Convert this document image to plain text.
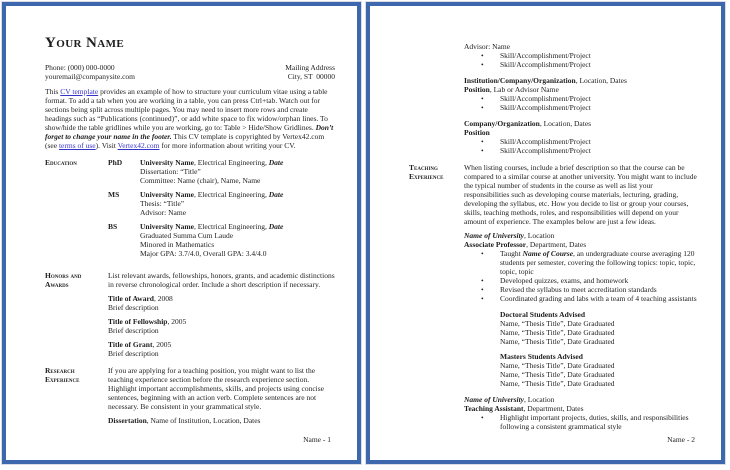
Your Name
Phone: (000) 000-0000
youremail@companysite.com
Mailing Address
City, ST  00000

This CV template provides an example of how to structure your curriculum vitae using a table format. To add a tab when you are working in a table, you can press Ctrl+tab. Watch out for sections being split across multiple pages. You may need to insert more rows and create headings such as “Publications (continued)”, or add white space to fix widow/orphan lines. To show/hide the table gridlines while you are working, go to: Table > Hide/Show Gridlines. Don’t forget to change your name in the footer. This CV template is copyrighted by Vertex42.com (see terms of use). Visit Vertex42.com for more information about writing your CV.

Education	PhD	University Name, Electrical Engineering, Date
Dissertation: “Title”
Committee: Name (chair), Name, Name
MS	University Name, Electrical Engineering, Date
Thesis: “Title”
Advisor: Name
BS	University Name, Electrical Engineering, Date
Graduated Summa Cum Laude
Minored in Mathematics
Major GPA: 3.7/4.0, Overall GPA: 3.4/4.0
Honors and Awards

List relevant awards, fellowships, honors, grants, and academic distinctions in reverse chronological order. Include a short description if necessary.

Title of Award, 2008
Brief description
Title of Fellowship, 2005
Brief description
Title of Grant, 2005
Brief description
Research Experience

If you are applying for a teaching position, you might want to list the teaching experience section before the research experience section. Highlight important accomplishments, skills, and projects using concise sentences, beginning with an action verb. Complete sentences are not necessary. Be consistent in your grammatical style.

Dissertation, Name of Institution, Location, Dates
Name - 1
Advisor: Name
•	Skill/Accomplishment/Project
•	Skill/Accomplishment/Project
Institution/Company/Organization, Location, Dates
Position, Lab or Advisor Name
•	Skill/Accomplishment/Project
•	Skill/Accomplishment/Project
Company/Organization, Location, Dates
Position
•	Skill/Accomplishment/Project
•	Skill/Accomplishment/Project
Teaching Experience

When listing courses, include a brief description so that the course can be compared to a similar course at another university. You might want to include the typical number of students in the course as well as list your responsibilities such as developing course materials, lecturing, grading, developing the syllabus, etc. How you decide to list or group your courses, skills, teaching methods, roles, and responsibilities will depend on your amount of experience. The examples below are just a few ideas.

Name of University, Location
Associate Professor, Department, Dates
•	Taught Name of Course, an undergraduate course averaging 120 students per semester, covering the following topics: topic, topic, topic, topic
•	Developed quizzes, exams, and homework
•	Revised the syllabus to meet accreditation standards
•	Coordinated grading and labs with a team of 4 teaching assistants
Doctoral Students Advised
Name, “Thesis Title”, Date Graduated
Name, “Thesis Title”, Date Graduated
Name, “Thesis Title”, Date Graduated
Masters Students Advised
Name, “Thesis Title”, Date Graduated
Name, “Thesis Title”, Date Graduated
Name, “Thesis Title”, Date Graduated
Name of University, Location
Teaching Assistant, Department, Dates
•	Highlight important projects, duties, skills, and responsibilities following a consistent grammatical style
Name - 2
